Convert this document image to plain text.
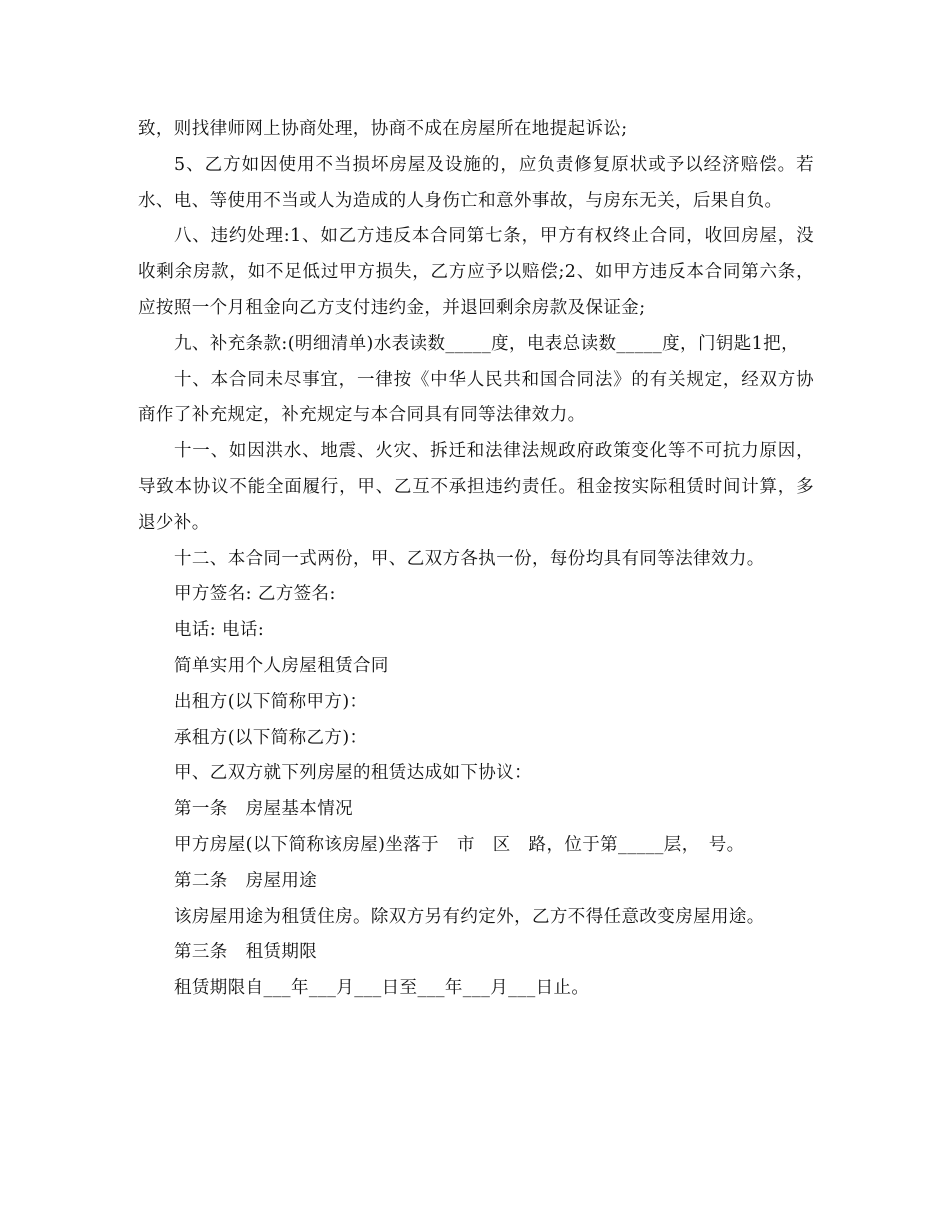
致，则找律师网上协商处理，协商不成在房屋所在地提起诉讼;

5、乙方如因使用不当损坏房屋及设施的，应负责修复原状或予以经济赔偿。若水、电、等使用不当或人为造成的人身伤亡和意外事故，与房东无关，后果自负。

八、违约处理:1、如乙方违反本合同第七条，甲方有权终止合同，收回房屋，没收剩余房款，如不足低过甲方损失，乙方应予以赔偿;2、如甲方违反本合同第六条，应按照一个月租金向乙方支付违约金，并退回剩余房款及保证金;

九、补充条款:(明细清单)水表读数_____度，电表总读数_____度，门钥匙1把，

十、本合同未尽事宜，一律按《中华人民共和国合同法》的有关规定，经双方协商作了补充规定，补充规定与本合同具有同等法律效力。

十一、如因洪水、地震、火灾、拆迁和法律法规政府政策变化等不可抗力原因，导致本协议不能全面履行，甲、乙互不承担违约责任。租金按实际租赁时间计算，多退少补。

十二、本合同一式两份，甲、乙双方各执一份，每份均具有同等法律效力。

甲方签名: 乙方签名:

电话: 电话:

简单实用个人房屋租赁合同

出租方(以下简称甲方)：

承租方(以下简称乙方)：

甲、乙双方就下列房屋的租赁达成如下协议：

第一条　房屋基本情况

甲方房屋(以下简称该房屋)坐落于　市　区　路，位于第_____层，　号。

第二条　房屋用途

该房屋用途为租赁住房。除双方另有约定外，乙方不得任意改变房屋用途。

第三条　租赁期限

租赁期限自___年___月___日至___年___月___日止。
